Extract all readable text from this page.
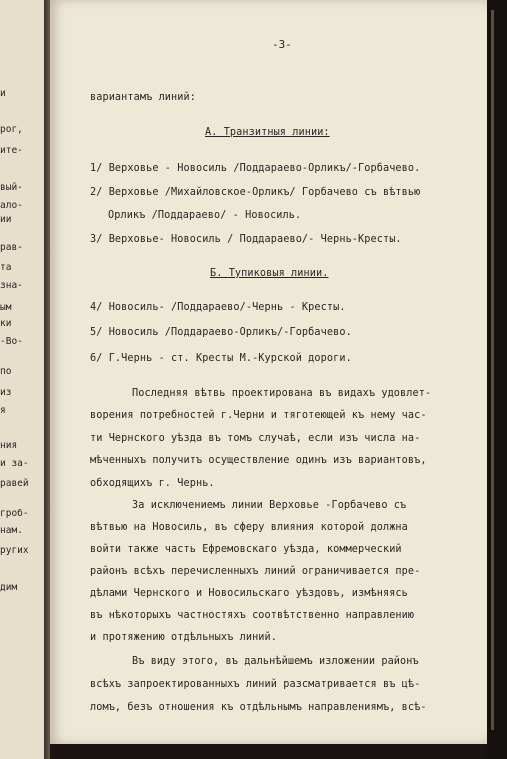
и
рог,
ите-
вый-
ало-
ии
рав-
та
зна-
ым
ки
-Во-
по
из
я
ния
и за-
равей
гроб-
нам.
ругих
дим
-3-
вариантамъ линий:
А. Транзитныя линии:
1/ Верховье - Новосиль /Поддараево-Орликъ/-Горбачево.
2/ Верховье /Михайловское-Орликъ/ Горбачево съ вѣтвью
Орликъ /Поддараево/ - Новосиль.
3/ Верховье- Новосиль / Поддараево/- Чернь-Кресты.
Б. Тупиковыя линии.
4/ Новосиль- /Поддараево/-Чернь - Кресты.
5/ Новосиль /Поддараево-Орликъ/-Горбачево.
6/ Г.Чернь - ст. Кресты М.-Курской дороги.
Последняя вѣтвь проектирована въ видахъ удовлет-
ворения потребностей г.Черни и тяготеющей къ нему час-
ти Чернского уѣзда въ томъ случаѣ, если изъ числа на-
мѣченныхъ получитъ осуществление одинъ изъ вариантовъ,
обходящихъ г. Чернь.
За исключениемъ линии Верховье -Горбачево съ
вѣтвью на Новосиль, въ сферу влияния которой должна
войти также часть Ефремовскаго уѣзда, коммерческий
районъ всѣхъ перечисленныхъ линий ограничивается пре-
дѣлами Чернского и Новосильскаго уѣздовъ, измѣняясь
въ нѣкоторыхъ частностяхъ соотвѣтственно направлению
и протяжению отдѣльныхъ линий.
Въ виду этого, въ дальнѣйшемъ изложении районъ
всѣхъ запроектированныхъ линий разсматривается въ цѣ-
ломъ, безъ отношения къ отдѣльнымъ направлениямъ, всѣ-
